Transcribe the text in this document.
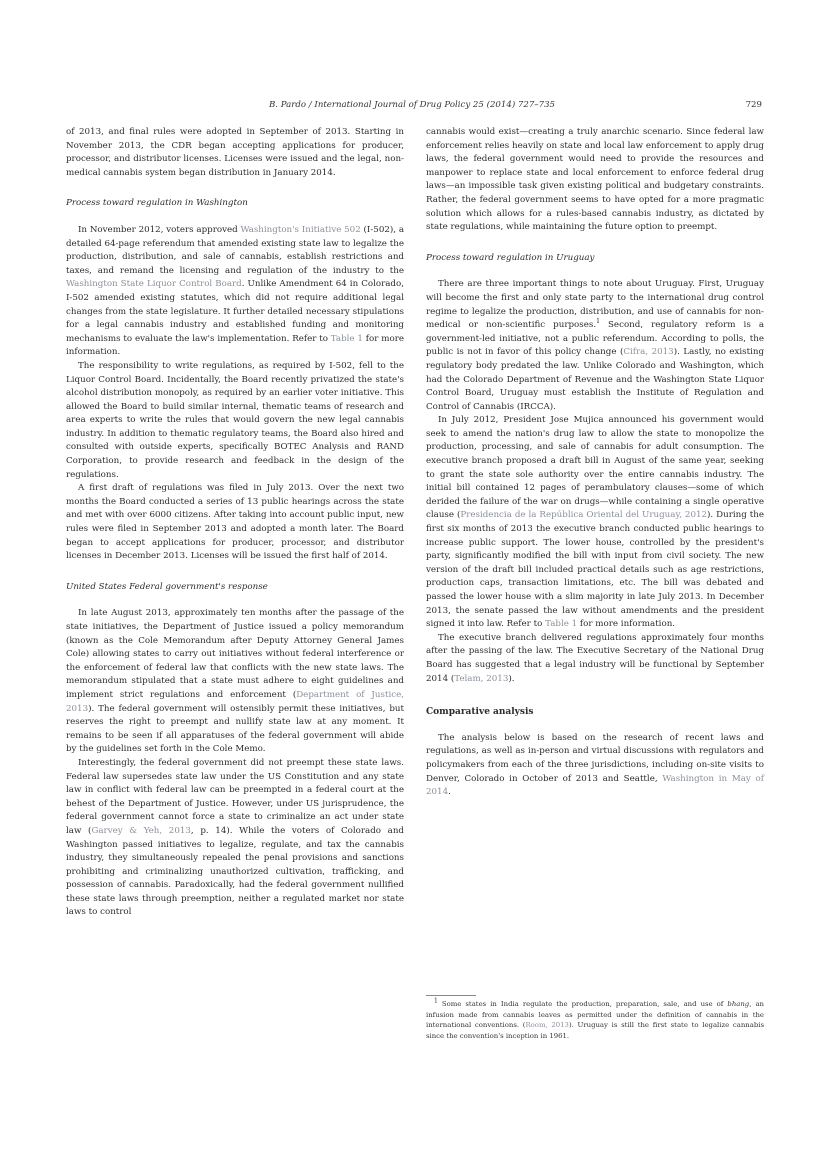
B. Pardo / International Journal of Drug Policy 25 (2014) 727–735	729

of 2013, and final rules were adopted in September of 2013. Starting in November 2013, the CDR began accepting applications for producer, processor, and distributor licenses. Licenses were issued and the legal, non-medical cannabis system began distribution in January 2014.

Process toward regulation in Washington

In November 2012, voters approved Washington's Initiative 502 (I-502), a detailed 64-page referendum that amended existing state law to legalize the production, distribution, and sale of cannabis, establish restrictions and taxes, and remand the licensing and regulation of the industry to the Washington State Liquor Control Board. Unlike Amendment 64 in Colorado, I-502 amended existing statutes, which did not require additional legal changes from the state legislature. It further detailed necessary stipulations for a legal cannabis industry and established funding and monitoring mechanisms to evaluate the law's implementation. Refer to Table 1 for more information.

The responsibility to write regulations, as required by I-502, fell to the Liquor Control Board. Incidentally, the Board recently privatized the state's alcohol distribution monopoly, as required by an earlier voter initiative. This allowed the Board to build similar internal, thematic teams of research and area experts to write the rules that would govern the new legal cannabis industry. In addition to thematic regulatory teams, the Board also hired and consulted with outside experts, specifically BOTEC Analysis and RAND Corporation, to provide research and feedback in the design of the regulations.

A first draft of regulations was filed in July 2013. Over the next two months the Board conducted a series of 13 public hearings across the state and met with over 6000 citizens. After taking into account public input, new rules were filed in September 2013 and adopted a month later. The Board began to accept applications for producer, processor, and distributor licenses in December 2013. Licenses will be issued the first half of 2014.

United States Federal government's response

In late August 2013, approximately ten months after the passage of the state initiatives, the Department of Justice issued a policy memorandum (known as the Cole Memorandum after Deputy Attorney General James Cole) allowing states to carry out initiatives without federal interference or the enforcement of federal law that conflicts with the new state laws. The memorandum stipulated that a state must adhere to eight guidelines and implement strict regulations and enforcement (Department of Justice, 2013). The federal government will ostensibly permit these initiatives, but reserves the right to preempt and nullify state law at any moment. It remains to be seen if all apparatuses of the federal government will abide by the guidelines set forth in the Cole Memo.

Interestingly, the federal government did not preempt these state laws. Federal law supersedes state law under the US Constitution and any state law in conflict with federal law can be preempted in a federal court at the behest of the Department of Justice. However, under US jurisprudence, the federal government cannot force a state to criminalize an act under state law (Garvey & Yeh, 2013, p. 14). While the voters of Colorado and Washington passed initiatives to legalize, regulate, and tax the cannabis industry, they simultaneously repealed the penal provisions and sanctions prohibiting and criminalizing unauthorized cultivation, trafficking, and possession of cannabis. Paradoxically, had the federal government nullified these state laws through preemption, neither a regulated market nor state laws to control

cannabis would exist—creating a truly anarchic scenario. Since federal law enforcement relies heavily on state and local law enforcement to apply drug laws, the federal government would need to provide the resources and manpower to replace state and local enforcement to enforce federal drug laws—an impossible task given existing political and budgetary constraints. Rather, the federal government seems to have opted for a more pragmatic solution which allows for a rules-based cannabis industry, as dictated by state regulations, while maintaining the future option to preempt.

Process toward regulation in Uruguay

There are three important things to note about Uruguay. First, Uruguay will become the first and only state party to the international drug control regime to legalize the production, distribution, and use of cannabis for non-medical or non-scientific purposes.$^1$ Second, regulatory reform is a government-led initiative, not a public referendum. According to polls, the public is not in favor of this policy change (Cifra, 2013). Lastly, no existing regulatory body predated the law. Unlike Colorado and Washington, which had the Colorado Department of Revenue and the Washington State Liquor Control Board, Uruguay must establish the Institute of Regulation and Control of Cannabis (IRCCA).

In July 2012, President Jose Mujica announced his government would seek to amend the nation's drug law to allow the state to monopolize the production, processing, and sale of cannabis for adult consumption. The executive branch proposed a draft bill in August of the same year, seeking to grant the state sole authority over the entire cannabis industry. The initial bill contained 12 pages of perambulatory clauses—some of which derided the failure of the war on drugs—while containing a single operative clause (Presidencia de la República Oriental del Uruguay, 2012). During the first six months of 2013 the executive branch conducted public hearings to increase public support. The lower house, controlled by the president's party, significantly modified the bill with input from civil society. The new version of the draft bill included practical details such as age restrictions, production caps, transaction limitations, etc. The bill was debated and passed the lower house with a slim majority in late July 2013. In December 2013, the senate passed the law without amendments and the president signed it into law. Refer to Table 1 for more information.

The executive branch delivered regulations approximately four months after the passing of the law. The Executive Secretary of the National Drug Board has suggested that a legal industry will be functional by September 2014 (Telam, 2013).

Comparative analysis

The analysis below is based on the research of recent laws and regulations, as well as in-person and virtual discussions with regulators and policymakers from each of the three jurisdictions, including on-site visits to Denver, Colorado in October of 2013 and Seattle, Washington in May of 2014.

$^1$ Some states in India regulate the production, preparation, sale, and use of bhang, an infusion made from cannabis leaves as permitted under the definition of cannabis in the international conventions. (Room, 2013). Uruguay is still the first state to legalize cannabis since the convention's inception in 1961.
